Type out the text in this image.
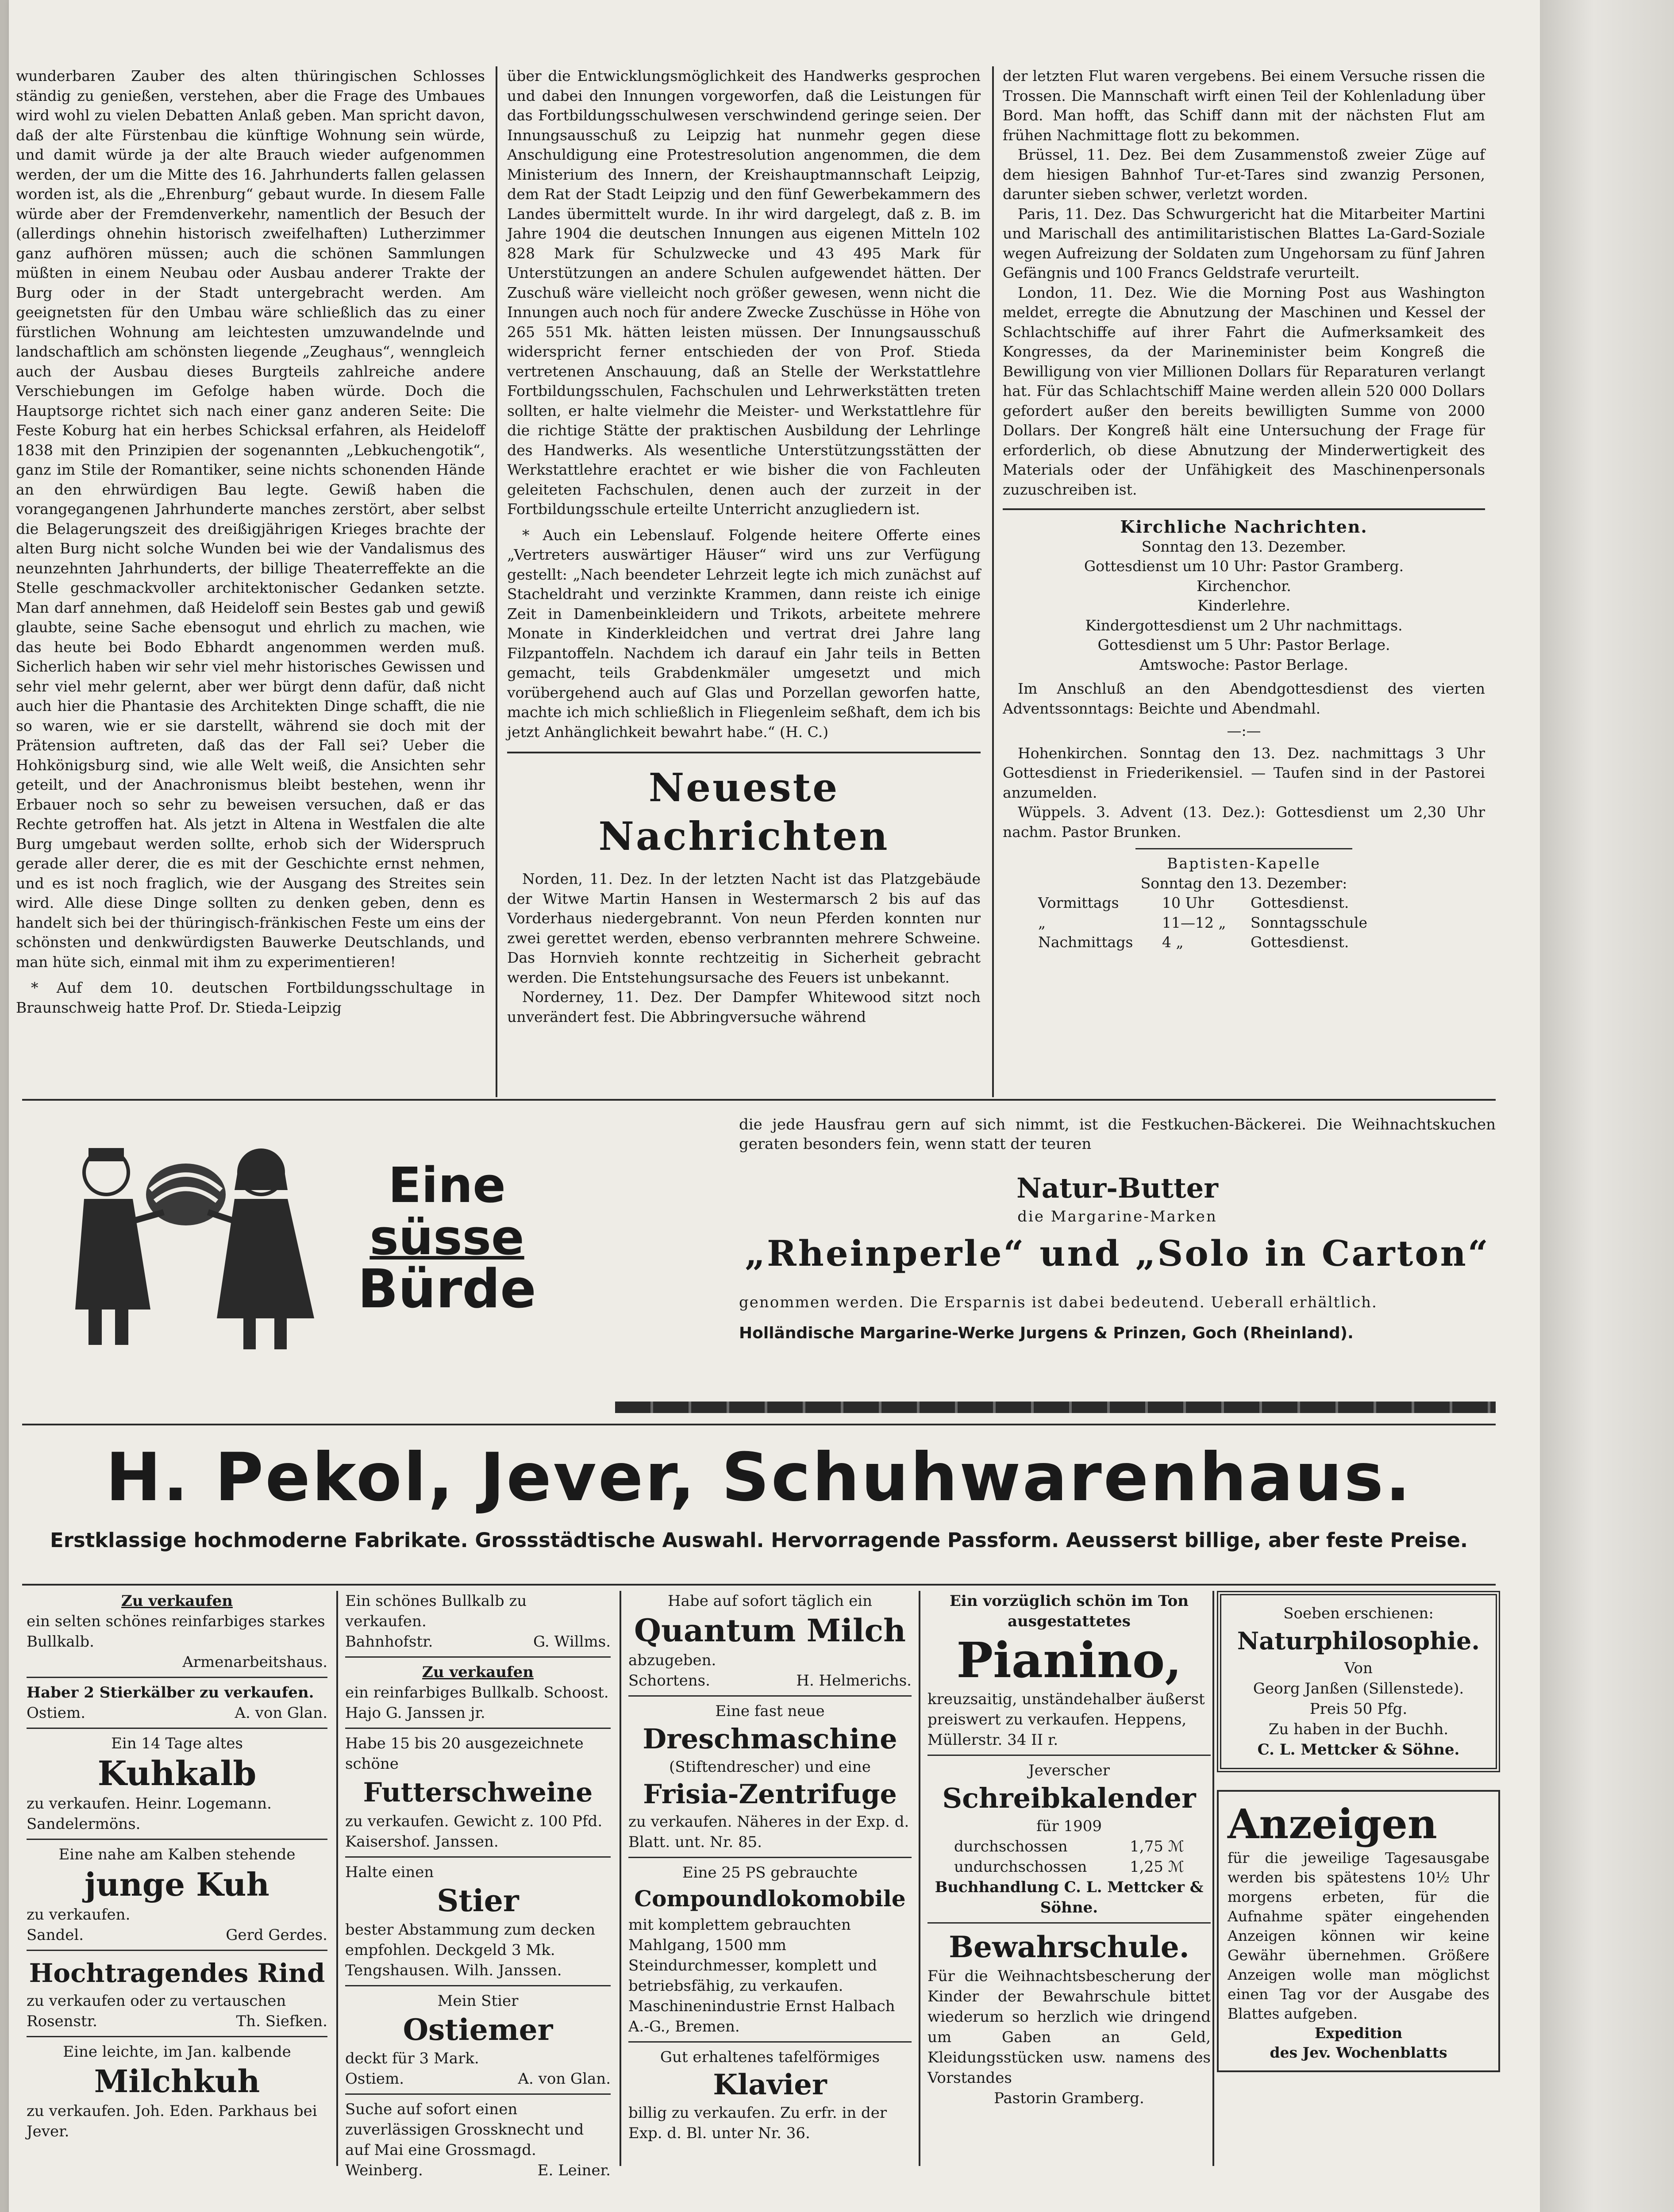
wunderbaren Zauber des alten thüringischen Schlosses ständig zu genießen, verstehen, aber die Frage des Umbaues wird wohl zu vielen Debatten Anlaß geben. Man spricht davon, daß der alte Fürstenbau die künftige Wohnung sein würde, und damit würde ja der alte Brauch wieder aufgenommen werden, der um die Mitte des 16. Jahrhunderts fallen gelassen worden ist, als die „Ehrenburg“ gebaut wurde. In diesem Falle würde aber der Fremdenverkehr, namentlich der Besuch der (allerdings ohnehin historisch zweifelhaften) Lutherzimmer ganz aufhören müssen; auch die schönen Sammlungen müßten in einem Neubau oder Ausbau anderer Trakte der Burg oder in der Stadt untergebracht werden. Am geeignetsten für den Umbau wäre schließlich das zu einer fürstlichen Wohnung am leichtesten umzuwandelnde und landschaftlich am schönsten liegende „Zeughaus“, wenngleich auch der Ausbau dieses Burgteils zahlreiche andere Verschiebungen im Gefolge haben würde. Doch die Hauptsorge richtet sich nach einer ganz anderen Seite: Die Feste Koburg hat ein herbes Schicksal erfahren, als Heideloff 1838 mit den Prinzipien der sogenannten „Lebkuchengotik“, ganz im Stile der Romantiker, seine nichts schonenden Hände an den ehrwürdigen Bau legte. Gewiß haben die vorangegangenen Jahrhunderte manches zerstört, aber selbst die Belagerungszeit des dreißigjährigen Krieges brachte der alten Burg nicht solche Wunden bei wie der Vandalismus des neunzehnten Jahrhunderts, der billige Theaterreffekte an die Stelle geschmackvoller architektonischer Gedanken setzte. Man darf annehmen, daß Heideloff sein Bestes gab und gewiß glaubte, seine Sache ebensogut und ehrlich zu machen, wie das heute bei Bodo Ebhardt angenommen werden muß. Sicherlich haben wir sehr viel mehr historisches Gewissen und sehr viel mehr gelernt, aber wer bürgt denn dafür, daß nicht auch hier die Phantasie des Architekten Dinge schafft, die nie so waren, wie er sie darstellt, während sie doch mit der Prätension auftreten, daß das der Fall sei? Ueber die Hohkönigsburg sind, wie alle Welt weiß, die Ansichten sehr geteilt, und der Anachronismus bleibt bestehen, wenn ihr Erbauer noch so sehr zu beweisen versuchen, daß er das Rechte getroffen hat. Als jetzt in Altena in Westfalen die alte Burg umgebaut werden sollte, erhob sich der Widerspruch gerade aller derer, die es mit der Geschichte ernst nehmen, und es ist noch fraglich, wie der Ausgang des Streites sein wird. Alle diese Dinge sollten zu denken geben, denn es handelt sich bei der thüringisch-fränkischen Feste um eins der schönsten und denkwürdigsten Bauwerke Deutschlands, und man hüte sich, einmal mit ihm zu experimentieren!

* Auf dem 10. deutschen Fortbildungsschultage in Braunschweig hatte Prof. Dr. Stieda-Leipzig

über die Entwicklungsmöglichkeit des Handwerks gesprochen und dabei den Innungen vorgeworfen, daß die Leistungen für das Fortbildungsschulwesen verschwindend geringe seien. Der Innungsausschuß zu Leipzig hat nunmehr gegen diese Anschuldigung eine Protestresolution angenommen, die dem Ministerium des Innern, der Kreishauptmannschaft Leipzig, dem Rat der Stadt Leipzig und den fünf Gewerbekammern des Landes übermittelt wurde. In ihr wird dargelegt, daß z. B. im Jahre 1904 die deutschen Innungen aus eigenen Mitteln 102 828 Mark für Schulzwecke und 43 495 Mark für Unterstützungen an andere Schulen aufgewendet hätten. Der Zuschuß wäre vielleicht noch größer gewesen, wenn nicht die Innungen auch noch für andere Zwecke Zuschüsse in Höhe von 265 551 Mk. hätten leisten müssen. Der Innungsausschuß widerspricht ferner entschieden der von Prof. Stieda vertretenen Anschauung, daß an Stelle der Werkstattlehre Fortbildungsschulen, Fachschulen und Lehrwerkstätten treten sollten, er halte vielmehr die Meister- und Werkstattlehre für die richtige Stätte der praktischen Ausbildung der Lehrlinge des Handwerks. Als wesentliche Unterstützungsstätten der Werkstattlehre erachtet er wie bisher die von Fachleuten geleiteten Fachschulen, denen auch der zurzeit in der Fortbildungsschule erteilte Unterricht anzugliedern ist.

* Auch ein Lebenslauf. Folgende heitere Offerte eines „Vertreters auswärtiger Häuser“ wird uns zur Verfügung gestellt: „Nach beendeter Lehrzeit legte ich mich zunächst auf Stacheldraht und verzinkte Krammen, dann reiste ich einige Zeit in Damenbeinkleidern und Trikots, arbeitete mehrere Monate in Kinderkleidchen und vertrat drei Jahre lang Filzpantoffeln. Nachdem ich darauf ein Jahr teils in Betten gemacht, teils Grabdenkmäler umgesetzt und mich vorübergehend auch auf Glas und Porzellan geworfen hatte, machte ich mich schließlich in Fliegenleim seßhaft, dem ich bis jetzt Anhänglichkeit bewahrt habe.“ (H. C.)

Neueste Nachrichten

Norden, 11. Dez. In der letzten Nacht ist das Platzgebäude der Witwe Martin Hansen in Westermarsch 2 bis auf das Vorderhaus niedergebrannt. Von neun Pferden konnten nur zwei gerettet werden, ebenso verbrannten mehrere Schweine. Das Hornvieh konnte rechtzeitig in Sicherheit gebracht werden. Die Entstehungsursache des Feuers ist unbekannt.

Norderney, 11. Dez. Der Dampfer Whitewood sitzt noch unverändert fest. Die Abbringversuche während

der letzten Flut waren vergebens. Bei einem Versuche rissen die Trossen. Die Mannschaft wirft einen Teil der Kohlenladung über Bord. Man hofft, das Schiff dann mit der nächsten Flut am frühen Nachmittage flott zu bekommen.

Brüssel, 11. Dez. Bei dem Zusammenstoß zweier Züge auf dem hiesigen Bahnhof Tur-et-Tares sind zwanzig Personen, darunter sieben schwer, verletzt worden.

Paris, 11. Dez. Das Schwurgericht hat die Mitarbeiter Martini und Marischall des antimilitaristischen Blattes La-Gard-Soziale wegen Aufreizung der Soldaten zum Ungehorsam zu fünf Jahren Gefängnis und 100 Francs Geldstrafe verurteilt.

London, 11. Dez. Wie die Morning Post aus Washington meldet, erregte die Abnutzung der Maschinen und Kessel der Schlachtschiffe auf ihrer Fahrt die Aufmerksamkeit des Kongresses, da der Marineminister beim Kongreß die Bewilligung von vier Millionen Dollars für Reparaturen verlangt hat. Für das Schlachtschiff Maine werden allein 520 000 Dollars gefordert außer den bereits bewilligten Summe von 2000 Dollars. Der Kongreß hält eine Untersuchung der Frage für erforderlich, ob diese Abnutzung der Minderwertigkeit des Materials oder der Unfähigkeit des Maschinenpersonals zuzuschreiben ist.

Kirchliche Nachrichten.
Sonntag den 13. Dezember.
Gottesdienst um 10 Uhr: Pastor Gramberg.
Kirchenchor.
Kinderlehre.
Kindergottesdienst um 2 Uhr nachmittags.
Gottesdienst um 5 Uhr: Pastor Berlage.
Amtswoche: Pastor Berlage.

Im Anschluß an den Abendgottesdienst des vierten Adventssonntags: Beichte und Abendmahl.

—:—

Hohenkirchen. Sonntag den 13. Dez. nachmittags 3 Uhr Gottesdienst in Friederikensiel. — Taufen sind in der Pastorei anzumelden.

Wüppels. 3. Advent (13. Dez.): Gottesdienst um 2,30 Uhr nachm. Pastor Brunken.

Baptisten-Kapelle
Sonntag den 13. Dezember:
Vormittags	10 Uhr	Gottesdienst.
„	11—12 „	Sonntagsschule
Nachmittags	4 „	Gottesdienst.
Eine
süsse
Bürde
die jede Hausfrau gern auf sich nimmt, ist die Festkuchen-Bäckerei. Die Weihnachtskuchen geraten besonders fein, wenn statt der teuren
Natur-Butter
die Margarine-Marken
„Rheinperle“ und „Solo in Carton“
genommen werden. Die Ersparnis ist dabei bedeutend. Ueberall erhältlich.
Holländische Margarine-Werke Jurgens & Prinzen, Goch (Rheinland).
H. Pekol, Jever, Schuhwarenhaus.
Erstklassige hochmoderne Fabrikate. Grossstädtische Auswahl. Hervorragende Passform. Aeusserst billige, aber feste Preise.
Zu verkaufen

ein selten schönes reinfarbiges starkes Bullkalb.

Armenarbeitshaus.

Haber 2 Stierkälber zu verkaufen.

Ostiem.	A. von Glan.
Ein 14 Tage altes
Kuhkalb

zu verkaufen. Heinr. Logemann. Sandelermöns.

Eine nahe am Kalben stehende
junge Kuh

zu verkaufen.

Sandel.	Gerd Gerdes.
Hochtragendes Rind

zu verkaufen oder zu vertauschen

Rosenstr.	Th. Siefken.
Eine leichte, im Jan. kalbende
Milchkuh

zu verkaufen. Joh. Eden. Parkhaus bei Jever.

Ein schönes Bullkalb zu verkaufen.

Bahnhofstr.	G. Willms.
Zu verkaufen

ein reinfarbiges Bullkalb. Schoost. Hajo G. Janssen jr.

Habe 15 bis 20 ausgezeichnete schöne

Futterschweine

zu verkaufen. Gewicht z. 100 Pfd. Kaisershof. Janssen.

Halte einen

Stier

bester Abstammung zum decken empfohlen. Deckgeld 3 Mk. Tengshausen. Wilh. Janssen.

Mein Stier
Ostiemer

deckt für 3 Mark.

Ostiem.	A. von Glan.

Suche auf sofort einen zuverlässigen Grossknecht und auf Mai eine Grossmagd.

Weinberg.	E. Leiner.
Habe auf sofort täglich ein
Quantum Milch

abzugeben.

Schortens.	H. Helmerichs.
Eine fast neue
Dreschmaschine
(Stiftendrescher) und eine
Frisia-Zentrifuge

zu verkaufen. Näheres in der Exp. d. Blatt. unt. Nr. 85.

Eine 25 PS gebrauchte
Compoundlokomobile

mit komplettem gebrauchten Mahlgang, 1500 mm Steindurchmesser, komplett und betriebsfähig, zu verkaufen. Maschinenindustrie Ernst Halbach A.-G., Bremen.

Gut erhaltenes tafelförmiges
Klavier

billig zu verkaufen. Zu erfr. in der Exp. d. Bl. unter Nr. 36.

Ein vorzüglich schön im Ton ausgestattetes
Pianino,

kreuzsaitig, unständehalber äußerst preiswert zu verkaufen. Heppens, Müllerstr. 34 II r.

Jeverscher
Schreibkalender
für 1909
durchschossen	1,75 ℳ
undurchschossen	1,25 ℳ
Buchhandlung C. L. Mettcker & Söhne.
Bewahrschule.

Für die Weihnachtsbescherung der Kinder der Bewahrschule bittet wiederum so herzlich wie dringend um Gaben an Geld, Kleidungsstücken usw. namens des Vorstandes

Pastorin Gramberg.
Soeben erschienen:
Naturphilosophie.
Von
Georg Janßen (Sillenstede).
Preis 50 Pfg.
Zu haben in der Buchh.
C. L. Mettcker & Söhne.
Anzeigen

für die jeweilige Tagesausgabe werden bis spätestens 10½ Uhr morgens erbeten, für die Aufnahme später eingehenden Anzeigen können wir keine Gewähr übernehmen. Größere Anzeigen wolle man möglichst einen Tag vor der Ausgabe des Blattes aufgeben.

Expedition
des Jev. Wochenblatts
